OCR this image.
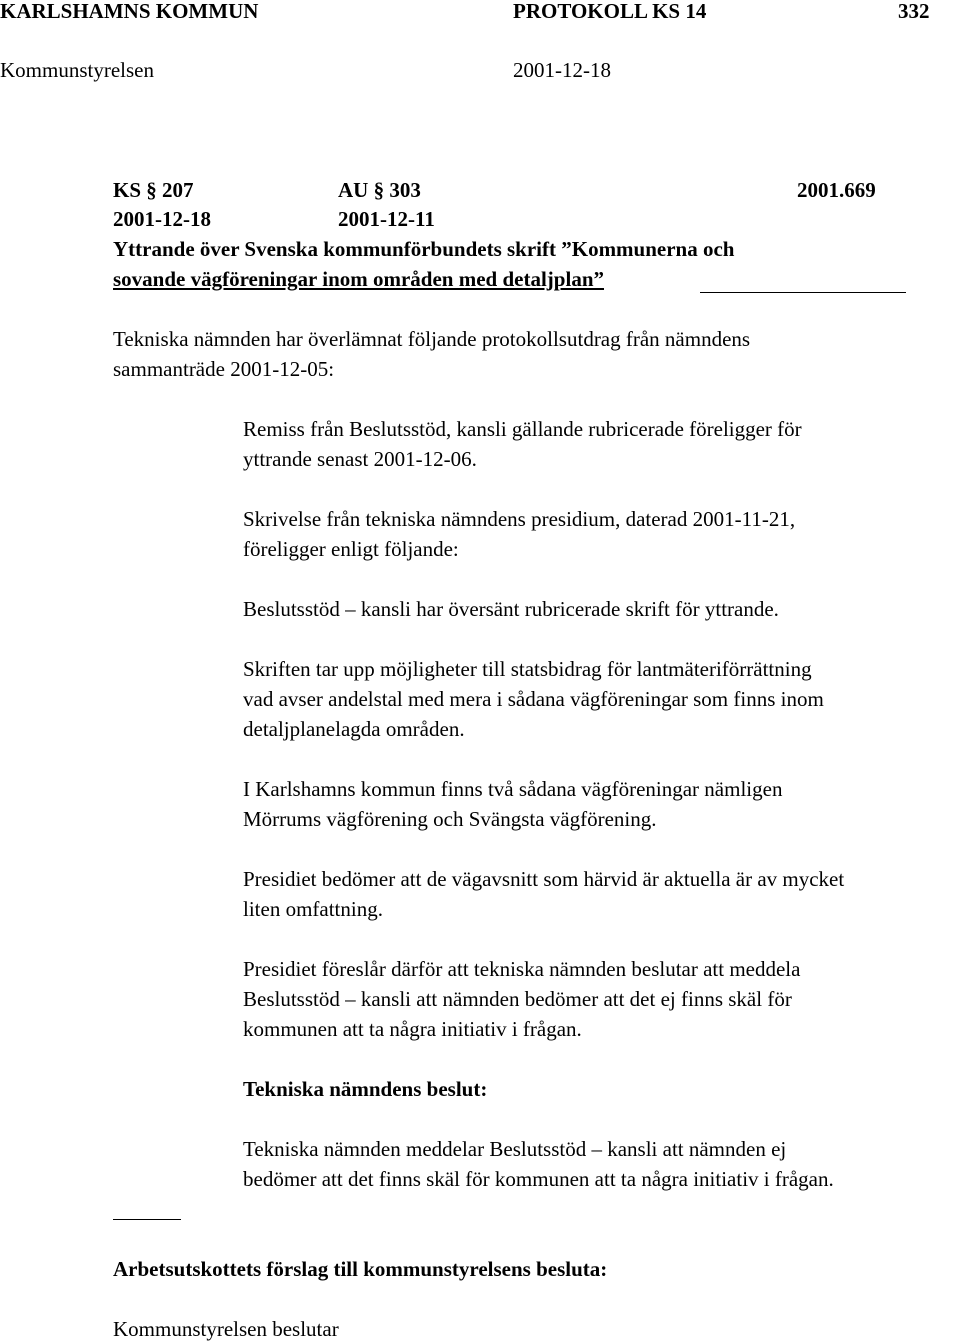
KARLSHAMNS KOMMUN	PROTOKOLL KS 14	332
Kommunstyrelsen	2001-12-18
KS § 207	AU § 303	2001.669
2001-12-18	2001-12-11
Yttrande över Svenska kommunförbundets skrift ”Kommunerna och
sovande vägföreningar inom områden med detaljplan”
Tekniska nämnden har överlämnat följande protokollsutdrag från nämndens
sammanträde 2001-12-05:
Remiss från Beslutsstöd, kansli gällande rubricerade föreligger för
yttrande senast 2001-12-06.
Skrivelse från tekniska nämndens presidium, daterad 2001-11-21,
föreligger enligt följande:
Beslutsstöd – kansli har översänt rubricerade skrift för yttrande.
Skriften tar upp möjligheter till statsbidrag för lantmäteriförrättning
vad avser andelstal med mera i sådana vägföreningar som finns inom
detaljplanelagda områden.
I Karlshamns kommun finns två sådana vägföreningar nämligen
Mörrums vägförening och Svängsta vägförening.
Presidiet bedömer att de vägavsnitt som härvid är aktuella är av mycket
liten omfattning.
Presidiet föreslår därför att tekniska nämnden beslutar att meddela
Beslutsstöd – kansli att nämnden bedömer att det ej finns skäl för
kommunen att ta några initiativ i frågan.
Tekniska nämndens beslut:
Tekniska nämnden meddelar Beslutsstöd – kansli att nämnden ej
bedömer att det finns skäl för kommunen att ta några initiativ i frågan.
Arbetsutskottets förslag till kommunstyrelsens besluta:
Kommunstyrelsen beslutar
